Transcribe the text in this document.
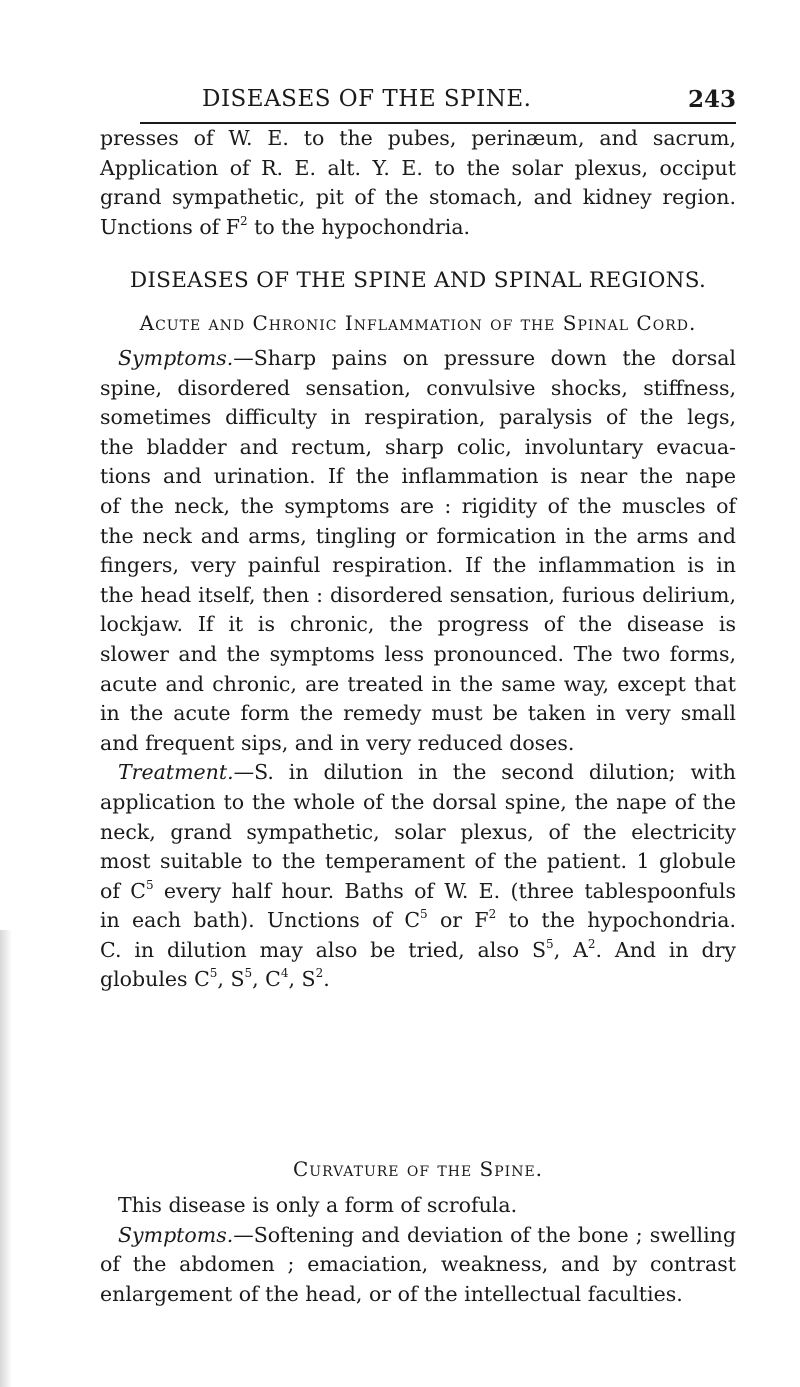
DISEASES OF THE SPINE.	243
presses of W. E. to the pubes, perinæum, and sacrum,
Application of R. E. alt. Y. E. to the solar plexus, occiput
grand sympathetic, pit of the stomach, and kidney region.
Unctions of $F^2$ to the hypochondria.
DISEASES OF THE SPINE AND SPINAL REGIONS.
Acute and Chronic Inflammation of the Spinal Cord.
Symptoms.—Sharp pains on pressure down the dorsal
spine, disordered sensation, convulsive shocks, stiffness,
sometimes difficulty in respiration, paralysis of the legs,
the bladder and rectum, sharp colic, involuntary evacua-
tions and urination. If the inflammation is near the nape
of the neck, the symptoms are : rigidity of the muscles of
the neck and arms, tingling or formication in the arms and
fingers, very painful respiration. If the inflammation is in
the head itself, then : disordered sensation, furious delirium,
lockjaw. If it is chronic, the progress of the disease is
slower and the symptoms less pronounced. The two forms,
acute and chronic, are treated in the same way, except that
in the acute form the remedy must be taken in very small
and frequent sips, and in very reduced doses.
Treatment.—S. in dilution in the second dilution; with
application to the whole of the dorsal spine, the nape of the
neck, grand sympathetic, solar plexus, of the electricity
most suitable to the temperament of the patient. 1 globule
of $C^5$ every half hour. Baths of W. E. (three tablespoonfuls
in each bath). Unctions of $C^5$ or $F^2$ to the hypochondria.
C. in dilution may also be tried, also $S^5$, $A^2$. And in dry
globules $C^5$, $S^5$, $C^4$, $S^2$.
Curvature of the Spine.
This disease is only a form of scrofula.
Symptoms.—Softening and deviation of the bone ; swelling
of the abdomen ; emaciation, weakness, and by contrast
enlargement of the head, or of the intellectual faculties.
